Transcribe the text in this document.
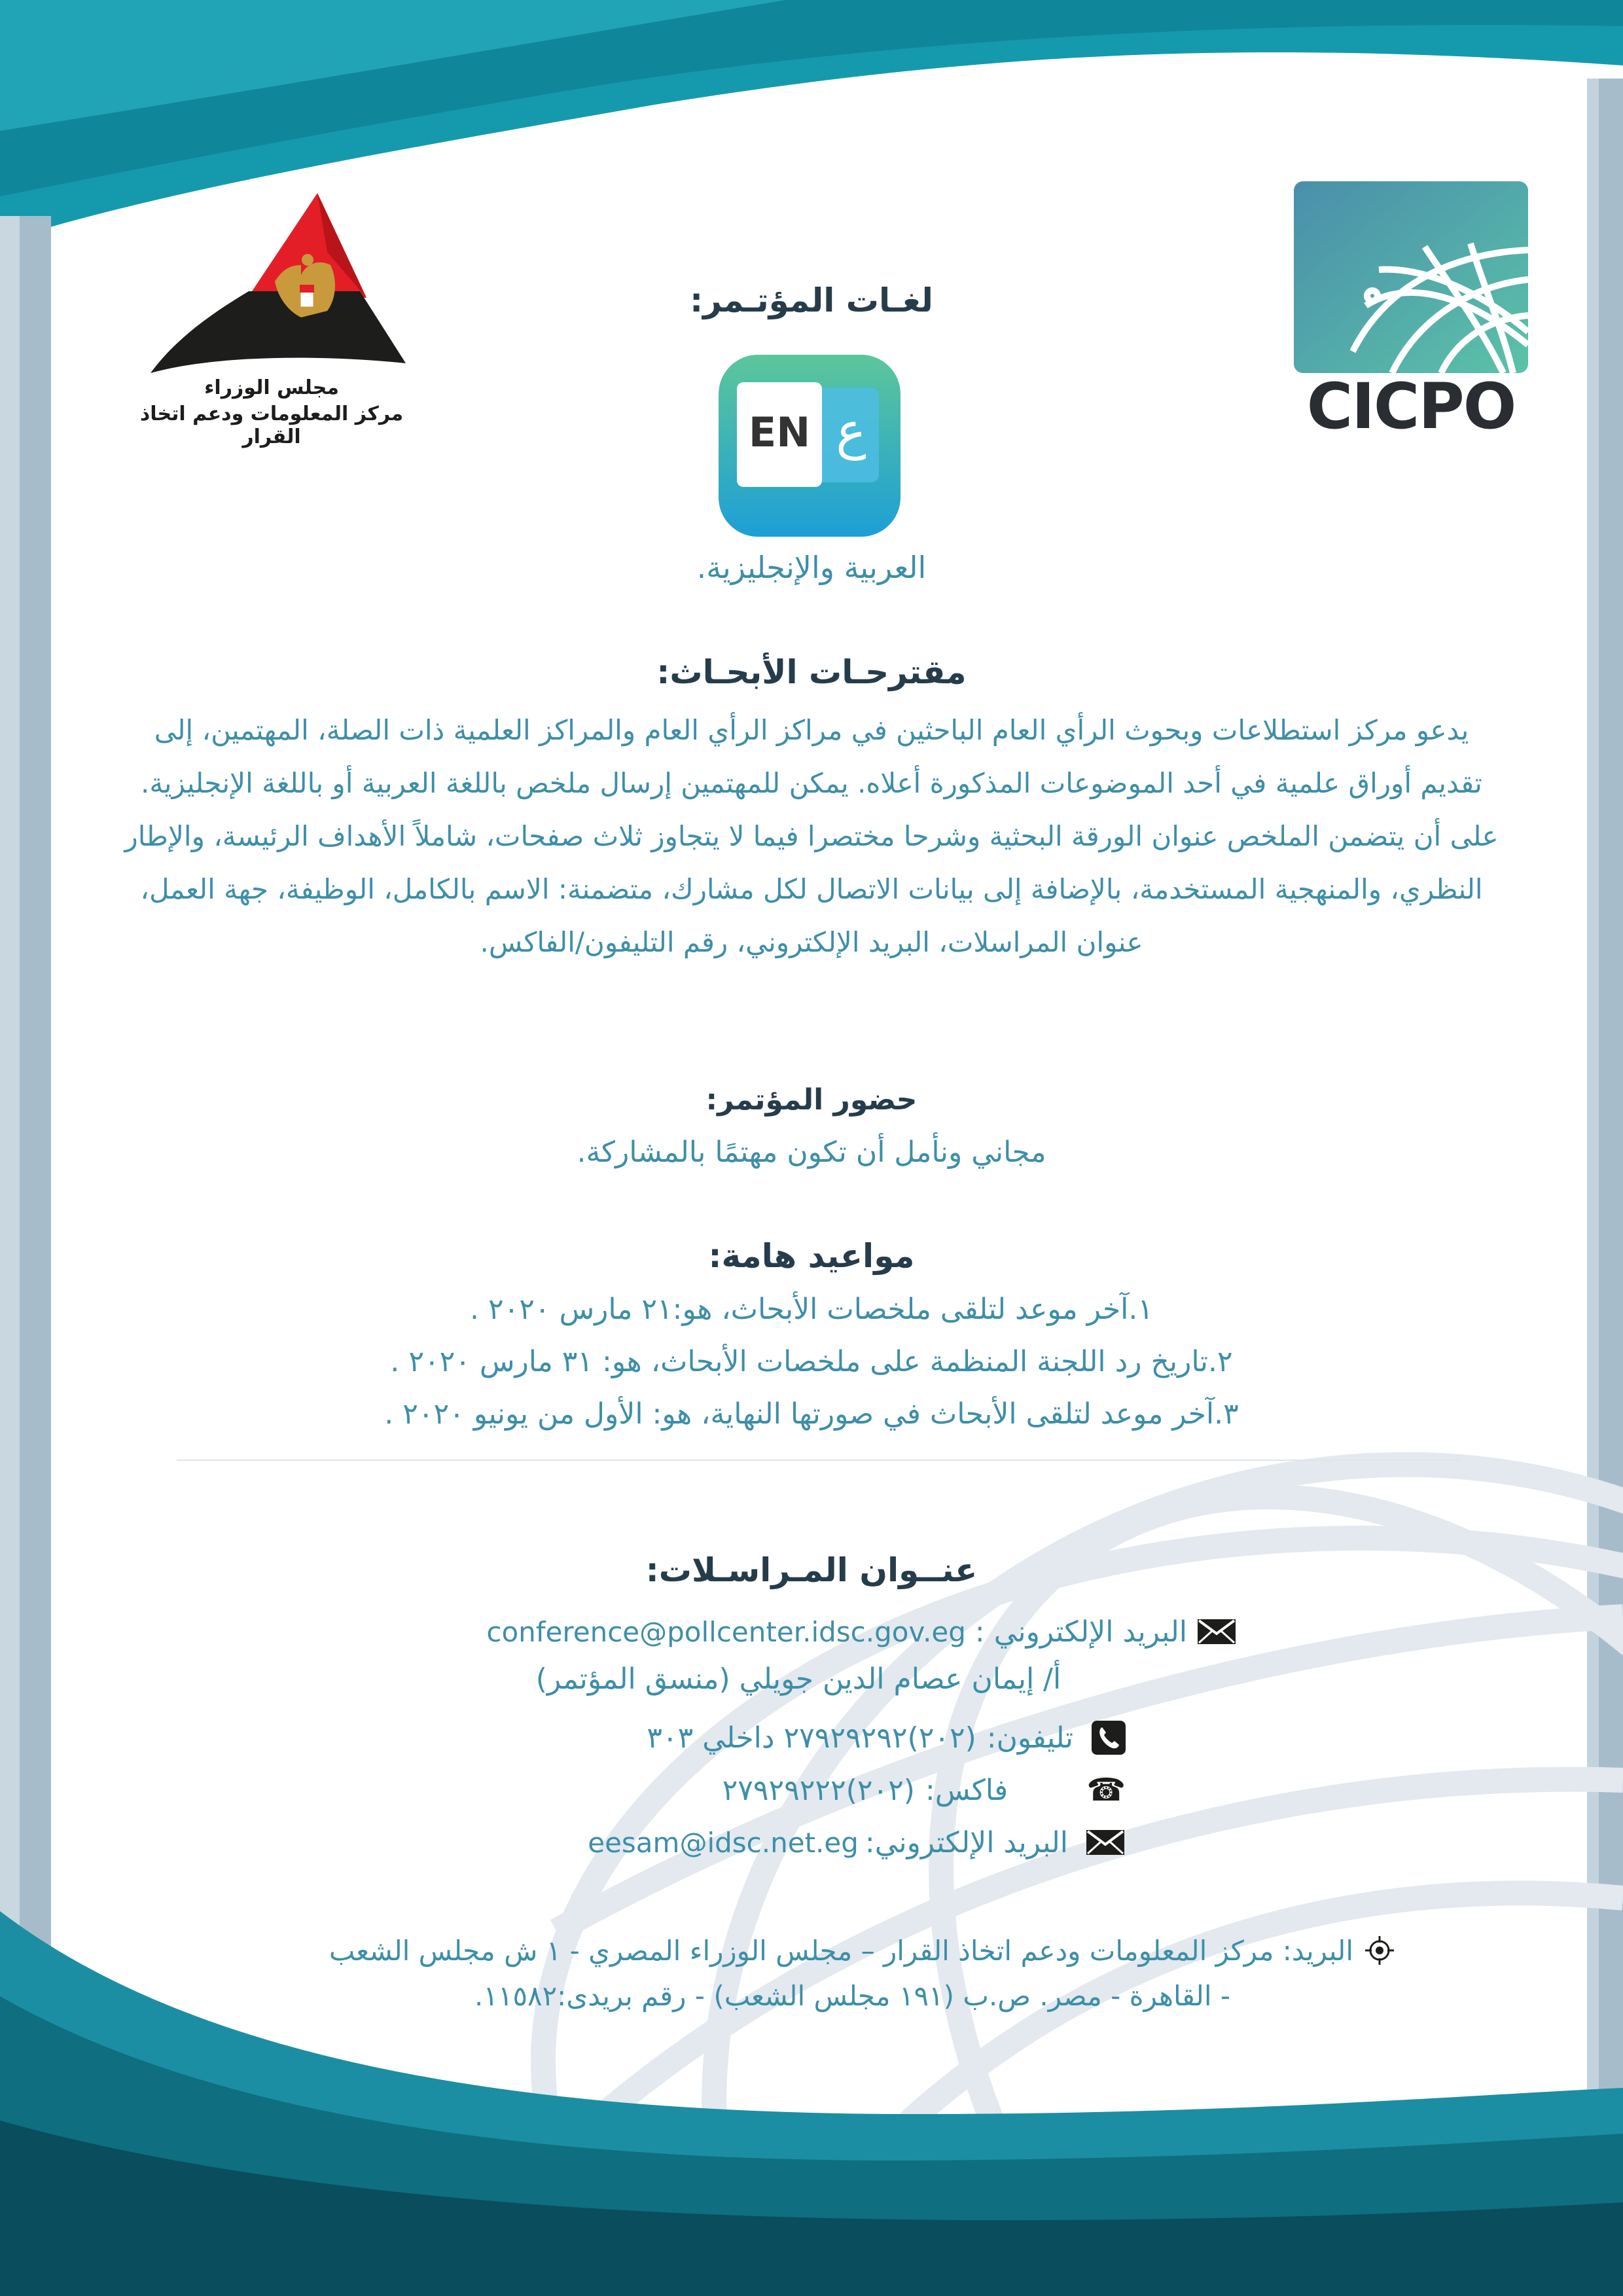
CICPO
مجلس الوزراء
مركز المعلومات ودعم اتخاذ القرار
لغـات المؤتـمر:
EN ع
العربية والإنجليزية.
مقترحـات الأبحـاث:

يدعو مركز استطلاعات وبحوث الرأي العام الباحثين في مراكز الرأي العام والمراكز العلمية ذات الصلة، المهتمين، إلى تقديم أوراق علمية في أحد الموضوعات المذكورة أعلاه. يمكن للمهتمين إرسال ملخص باللغة العربية أو باللغة الإنجليزية.

على أن يتضمن الملخص عنوان الورقة البحثية وشرحا مختصرا فيما لا يتجاوز ثلاث صفحات، شاملاً الأهداف الرئيسة، والإطار النظري، والمنهجية المستخدمة، بالإضافة إلى بيانات الاتصال لكل مشارك، متضمنة: الاسم بالكامل، الوظيفة، جهة العمل، عنوان المراسلات، البريد الإلكتروني، رقم التليفون/الفاكس.

حضور المؤتمر:
مجاني ونأمل أن تكون مهتمًا بالمشاركة.
مواعيد هامة:
١.آخر موعد لتلقى ملخصات الأبحاث، هو:٢١ مارس ٢٠٢٠ .
٢.تاريخ رد اللجنة المنظمة على ملخصات الأبحاث، هو: ٣١ مارس ٢٠٢٠ .
٣.آخر موعد لتلقى الأبحاث في صورتها النهاية، هو: الأول من يونيو ٢٠٢٠ .
عنــوان المـراسـلات:
البريد الإلكتروني :
conference@pollcenter.idsc.gov.eg
أ/ إيمان عصام الدين جويلي (منسق المؤتمر)
تليفون:
(٢٠٢)٢٧٩٢٩٢٩٢ داخلي ٣٠٣
☎
فاكس:
(٢٠٢)٢٧٩٢٩٢٢٢
البريد الإلكتروني:
eesam@idsc.net.eg
البريد: مركز المعلومات ودعم اتخاذ القرار – مجلس الوزراء المصري - ١ ش مجلس الشعب
- القاهرة - مصر. ص.ب (١٩١ مجلس الشعب) - رقم بريدى:١١٥٨٢.
